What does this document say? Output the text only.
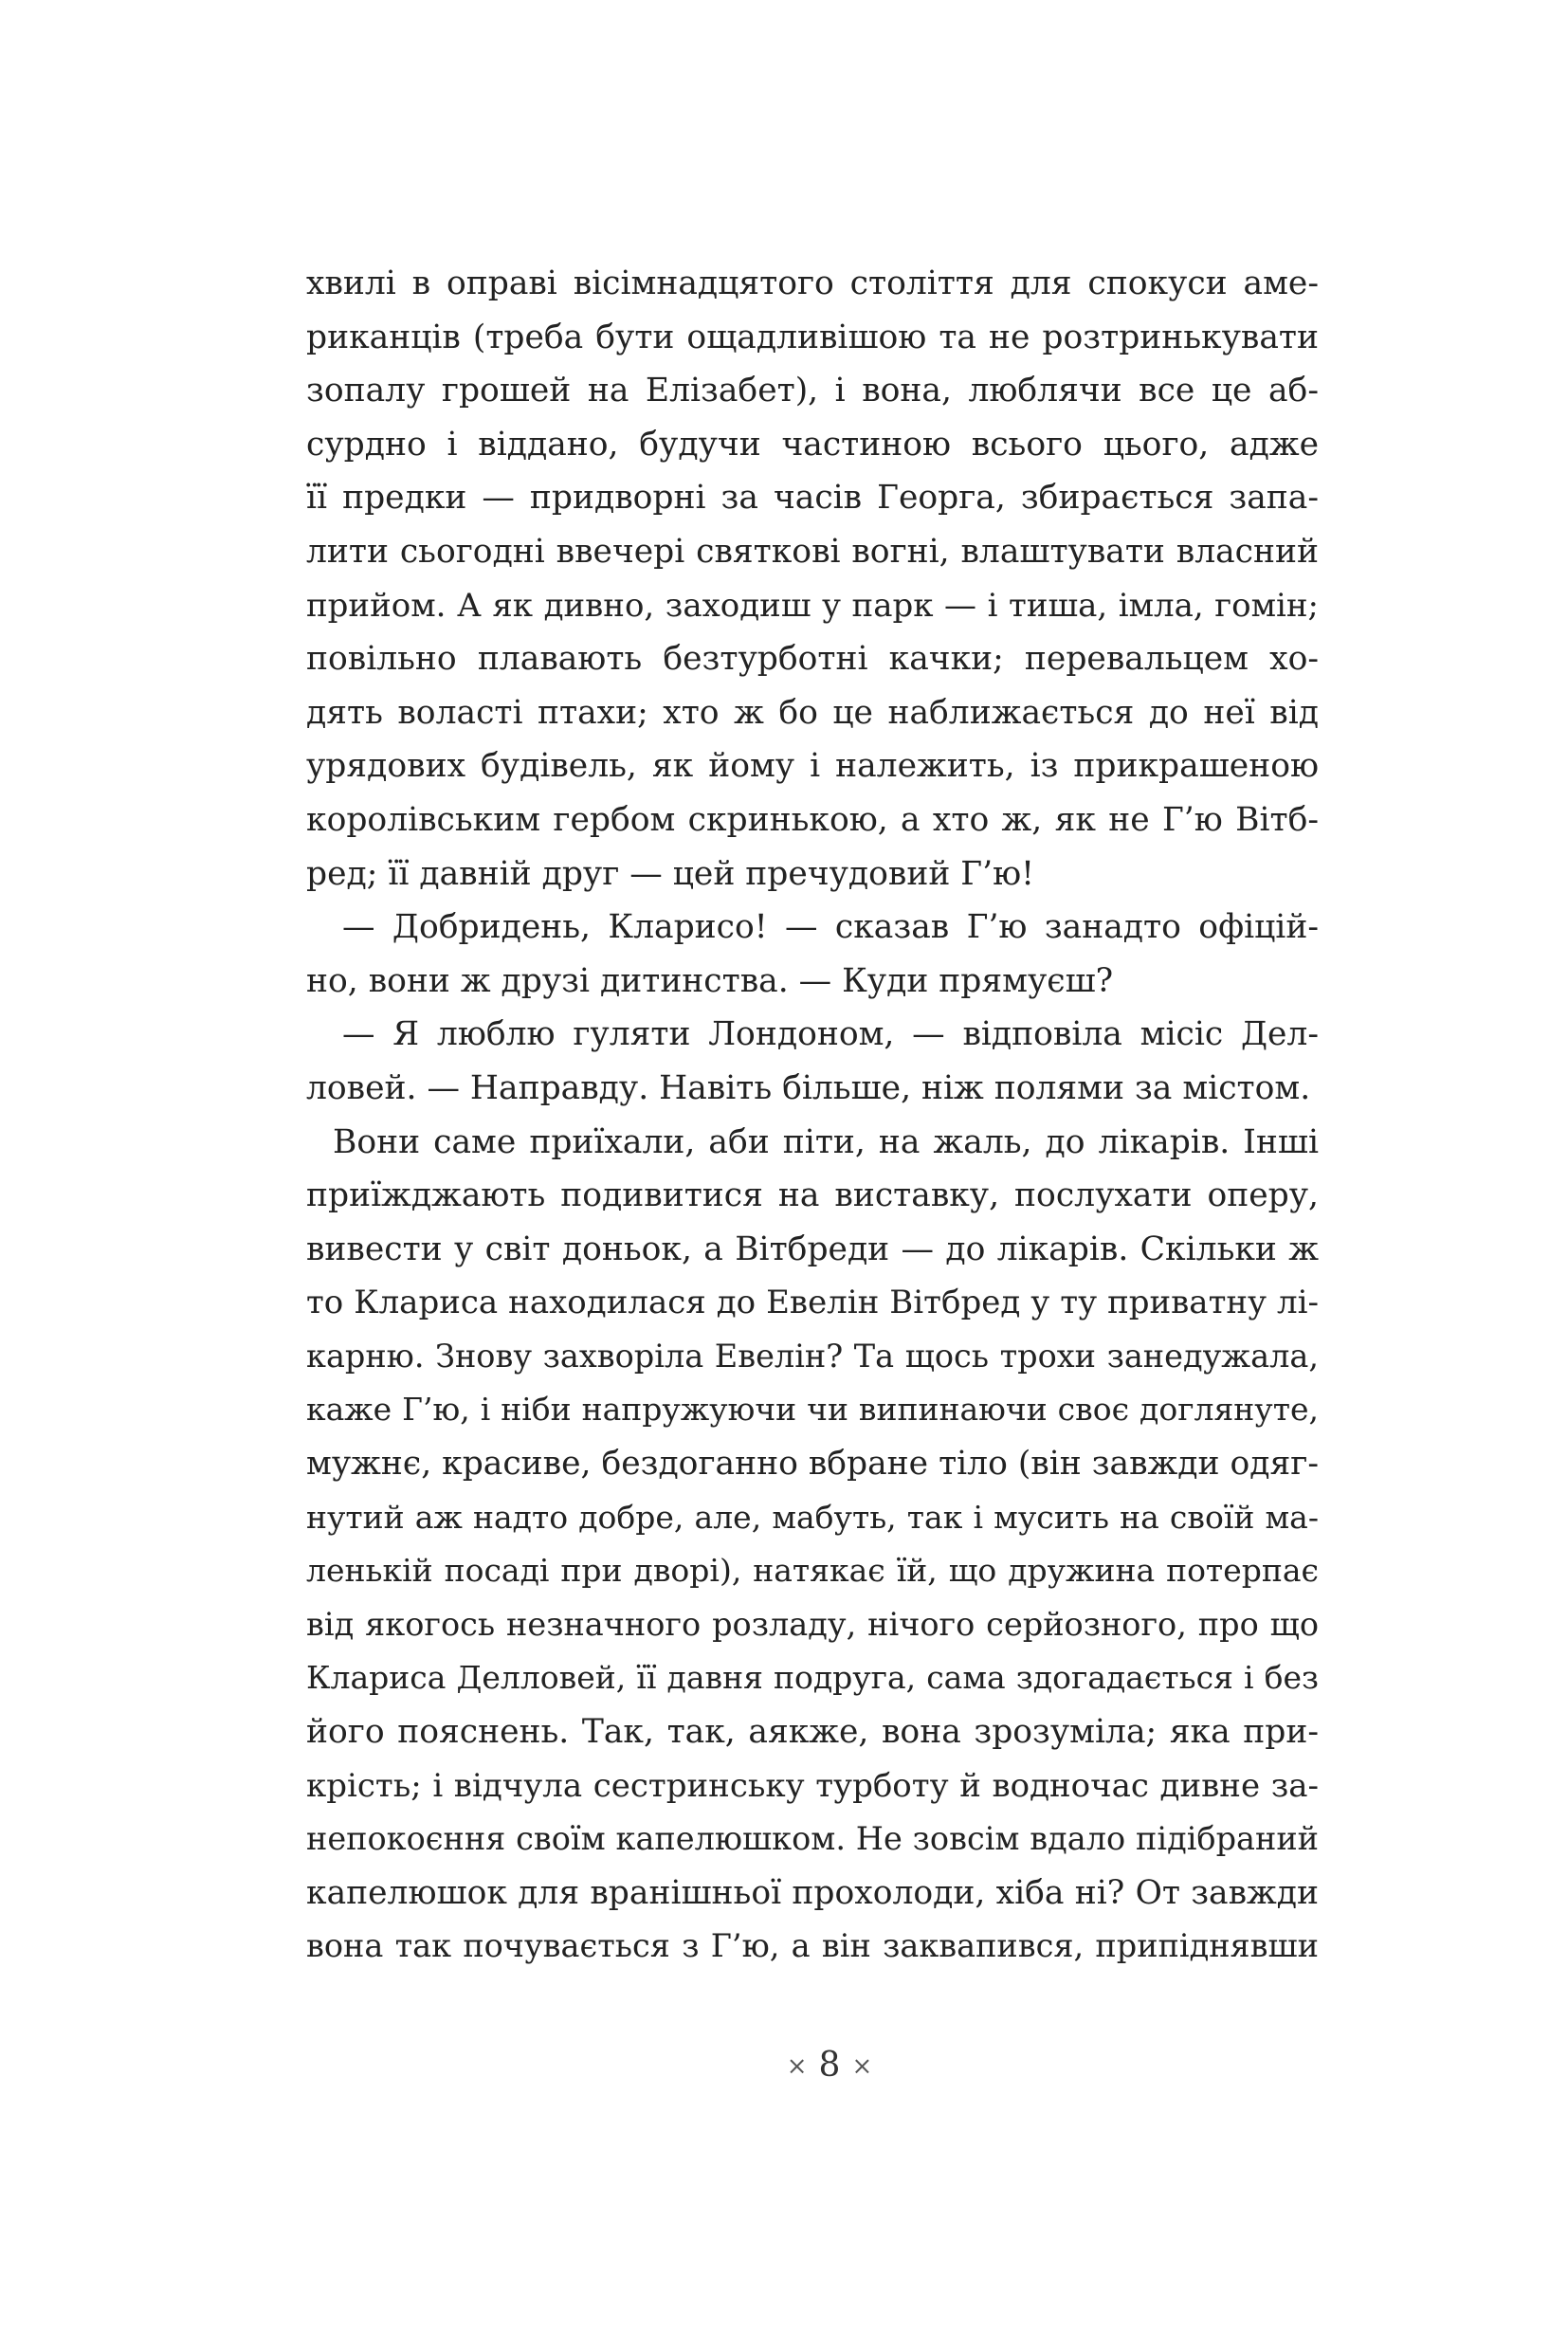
хвилі в оправі вісімнадцятого століття для спокуси аме-
риканців (треба бути ощадливішою та не розтринькувати
зопалу грошей на Елізабет), і вона, люблячи все це аб-
сурдно і віддано, будучи частиною всього цього, адже
її предки — придворні за часів Георга, збирається запа-
лити сьогодні ввечері святкові вогні, влаштувати власний
прийом. А як дивно, заходиш у парк — і тиша, імла, гомін;
повільно плавають безтурботні качки; перевальцем хо-
дять воласті птахи; хто ж бо це наближається до неї від
урядових будівель, як йому і належить, із прикрашеною
королівським гербом скринькою, а хто ж, як не Г’ю Вітб-
ред; її давній друг — цей пречудовий Г’ю!
— Добридень, Кларисо! — сказав Г’ю занадто офіцій-
но, вони ж друзі дитинства. — Куди прямуєш?
— Я люблю гуляти Лондоном, — відповіла місіс Дел-
ловей. — Направду. Навіть більше, ніж полями за містом.
Вони саме приїхали, аби піти, на жаль, до лікарів. Інші
приїжджають подивитися на виставку, послухати оперу,
вивести у світ доньок, а Вітбреди — до лікарів. Скільки ж
то Клариса находилася до Евелін Вітбред у ту приватну лі-
карню. Знову захворіла Евелін? Та щось трохи занедужала,
каже Г’ю, і ніби напружуючи чи випинаючи своє доглянуте,
мужнє, красиве, бездоганно вбране тіло (він завжди одяг-
нутий аж надто добре, але, мабуть, так і мусить на своїй ма-
ленькій посаді при дворі), натякає їй, що дружина потерпає
від якогось незначного розладу, нічого серйозного, про що
Клариса Делловей, її давня подруга, сама здогадається і без
його пояснень. Так, так, аякже, вона зрозуміла; яка при-
крість; і відчула сестринську турботу й водночас дивне за-
непокоєння своїм капелюшком. Не зовсім вдало підібраний
капелюшок для вранішньої прохолоди, хіба ні? От завжди
вона так почувається з Г’ю, а він заквапився, припіднявши
× 8 ×
